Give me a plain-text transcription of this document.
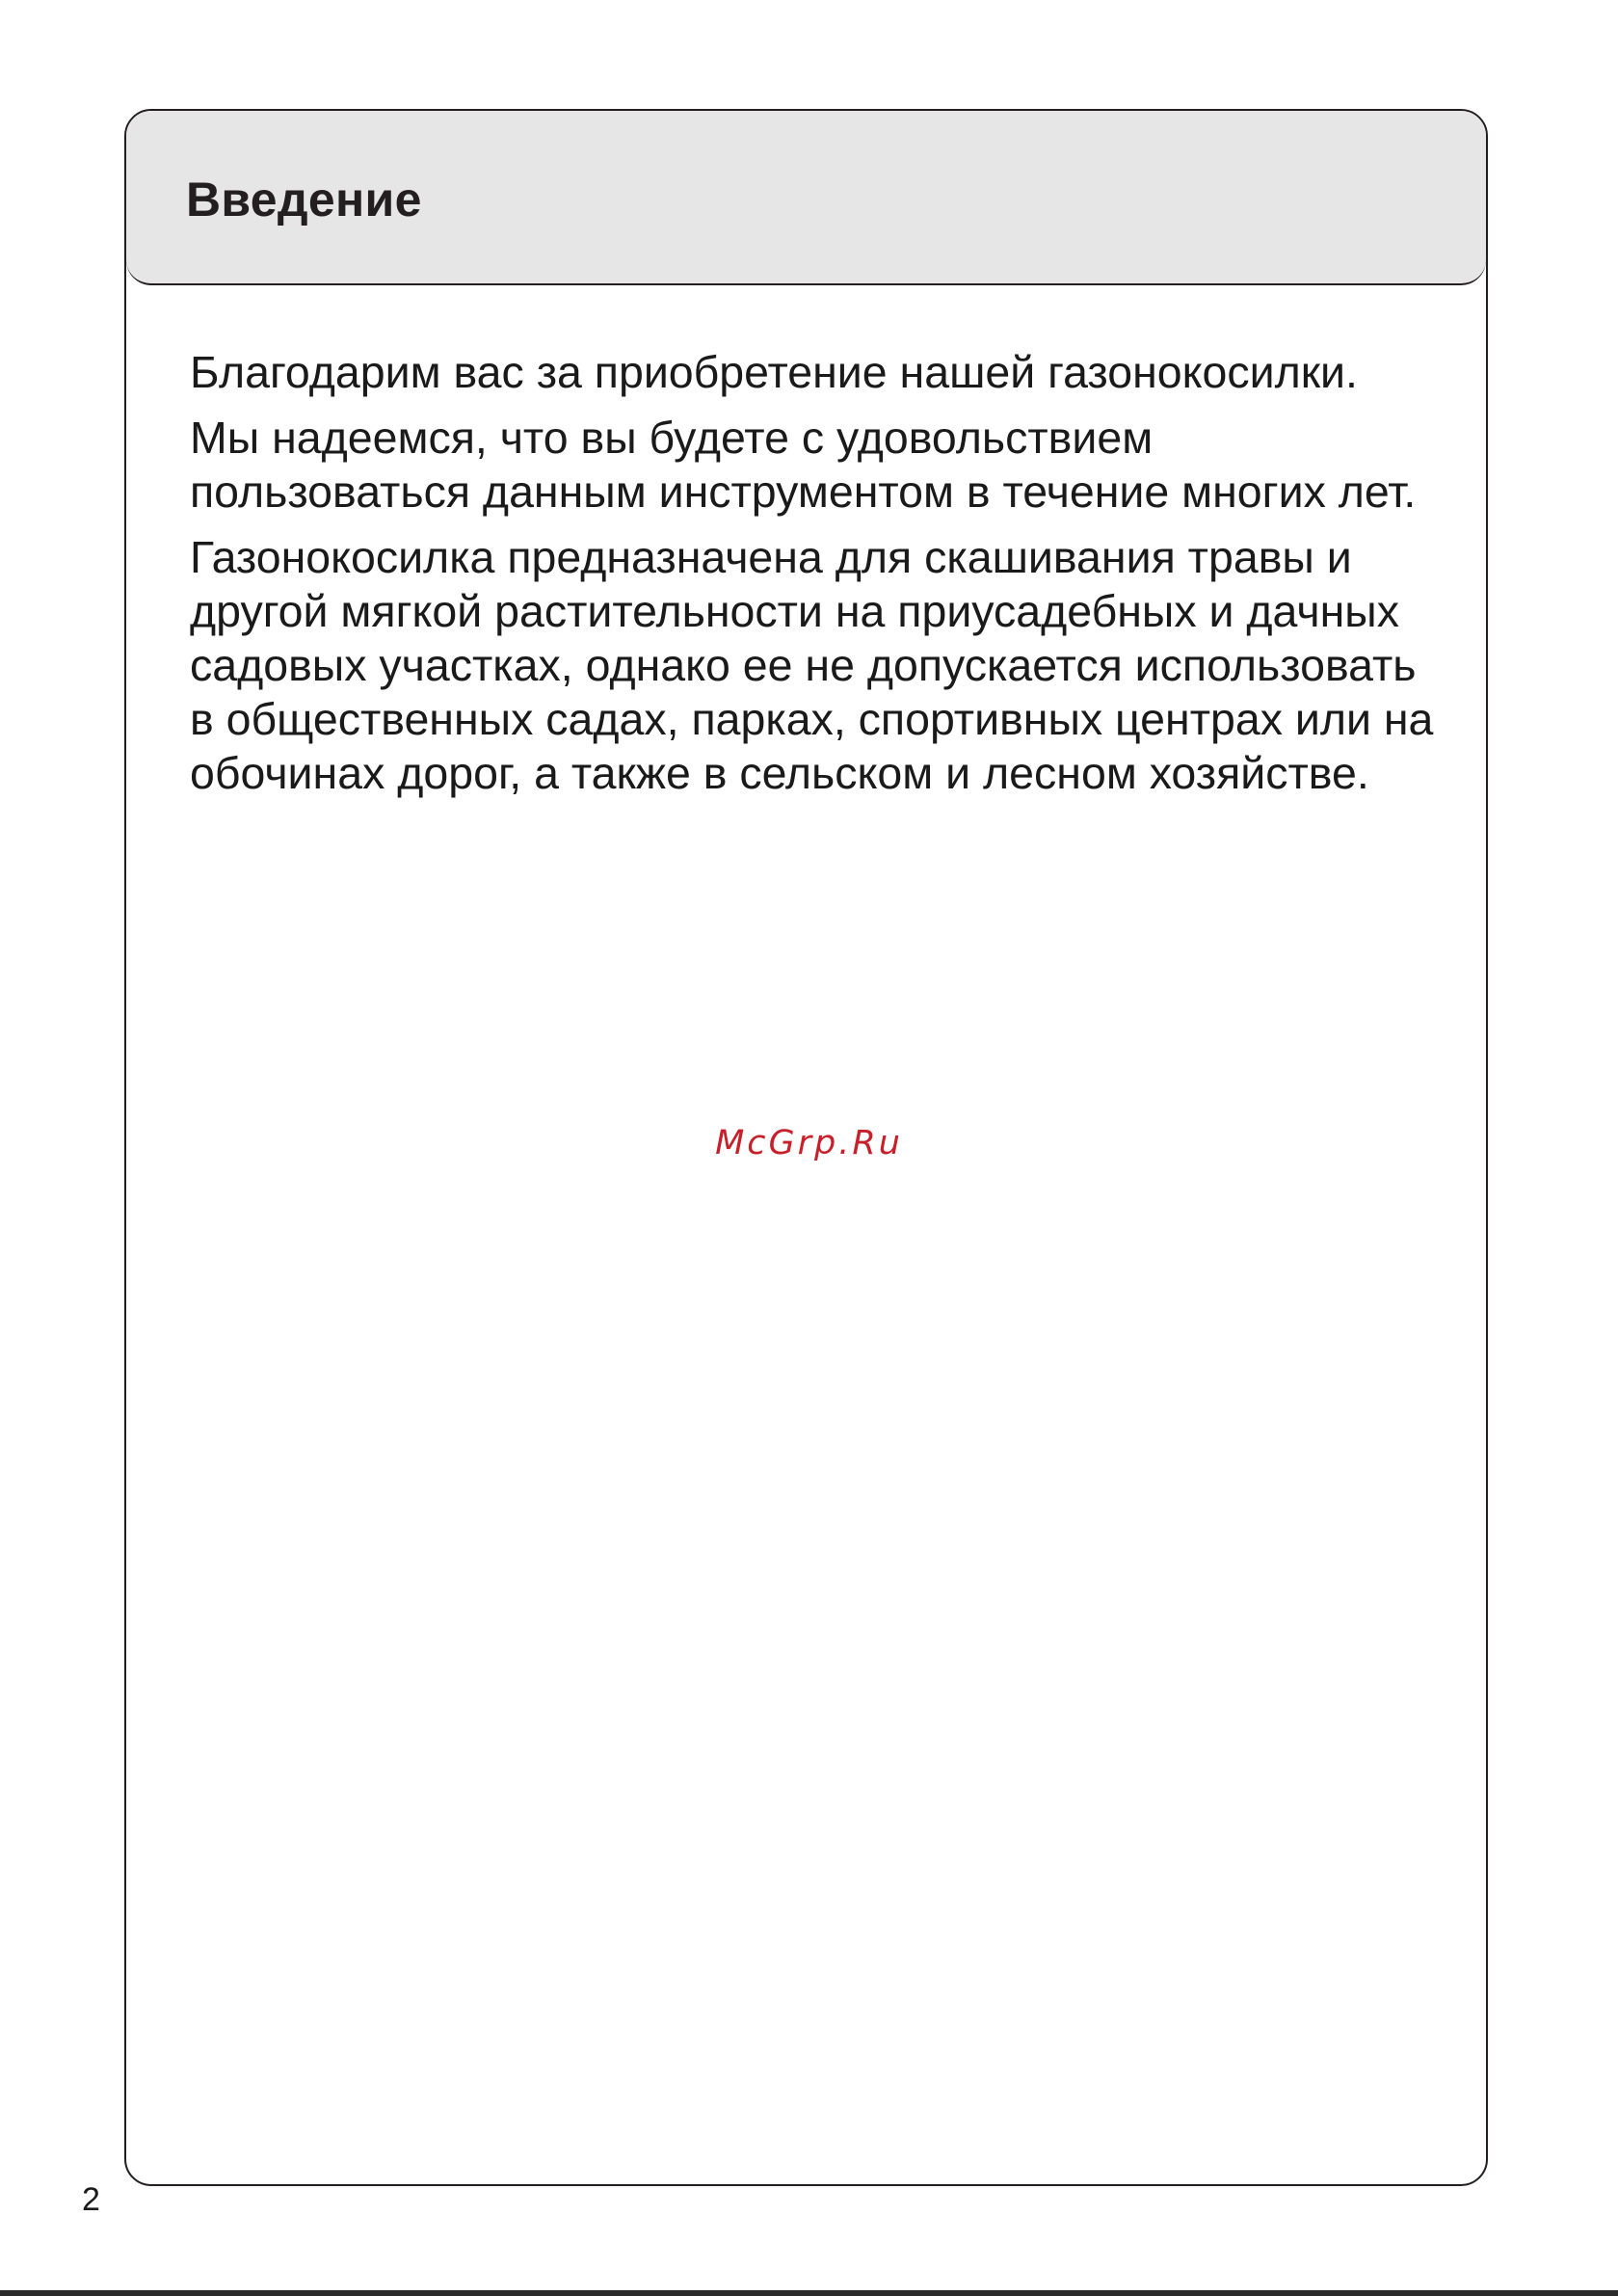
Введение

Благодарим вас за приобретение нашей газонокосилки.

Мы надеемся, что вы будете с удовольствием пользоваться данным инструментом в течение многих лет.

Газонокосилка предназначена для скашивания травы и другой мягкой растительности на приусадебных и дачных садовых участках, однако ее не допускается использовать в общественных садах, парках, спортивных центрах или на обочинах дорог, а также в сельском и лесном хозяйстве.

McGrp.Ru
2
